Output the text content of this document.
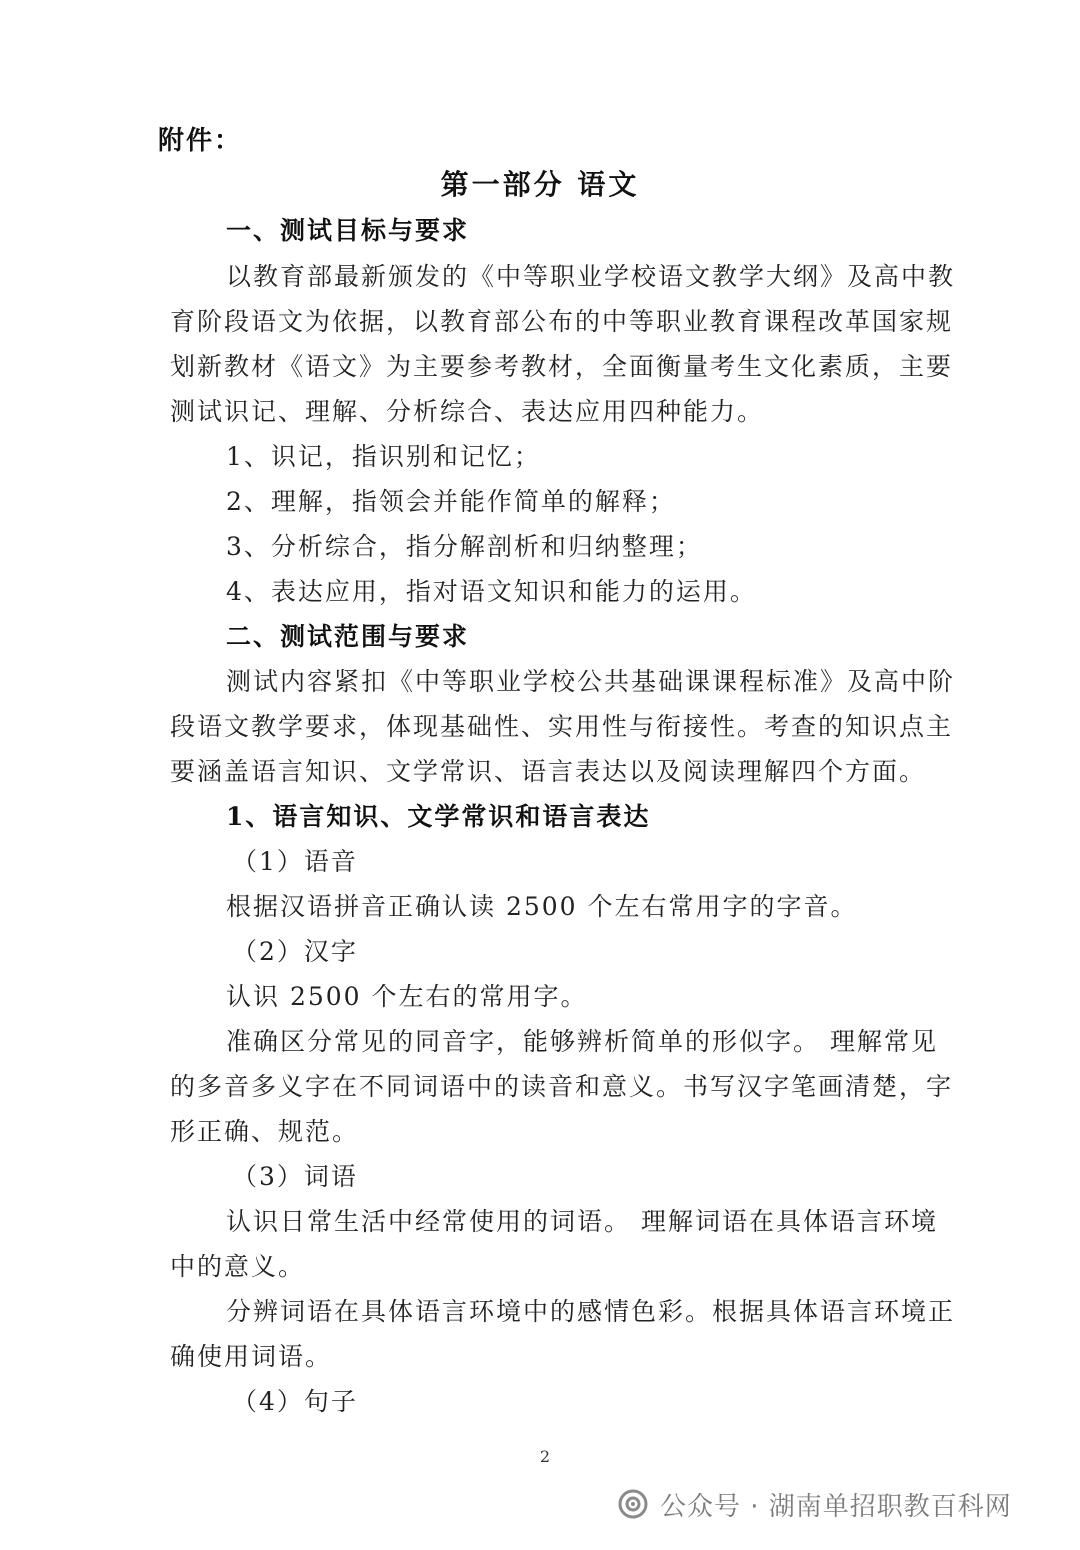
附件：
第一部分 语文
一、测试目标与要求
以教育部最新颁发的《中等职业学校语文教学大纲》及高中教
育阶段语文为依据，以教育部公布的中等职业教育课程改革国家规
划新教材《语文》为主要参考教材，全面衡量考生文化素质，主要
测试识记、理解、分析综合、表达应用四种能力。
1、识记，指识别和记忆；
2、理解，指领会并能作简单的解释；
3、分析综合，指分解剖析和归纳整理；
4、表达应用，指对语文知识和能力的运用。
二、测试范围与要求
测试内容紧扣《中等职业学校公共基础课课程标准》及高中阶
段语文教学要求，体现基础性、实用性与衔接性。考查的知识点主
要涵盖语言知识、文学常识、语言表达以及阅读理解四个方面。
1、语言知识、文学常识和语言表达
（1）语音
根据汉语拼音正确认读 2500 个左右常用字的字音。
（2）汉字
认识 2500 个左右的常用字。
准确区分常见的同音字，能够辨析简单的形似字。 理解常见
的多音多义字在不同词语中的读音和意义。书写汉字笔画清楚，字
形正确、规范。
（3）词语
认识日常生活中经常使用的词语。 理解词语在具体语言环境
中的意义。
分辨词语在具体语言环境中的感情色彩。根据具体语言环境正
确使用词语。
（4）句子
2
公众号 · 湖南单招职教百科网
